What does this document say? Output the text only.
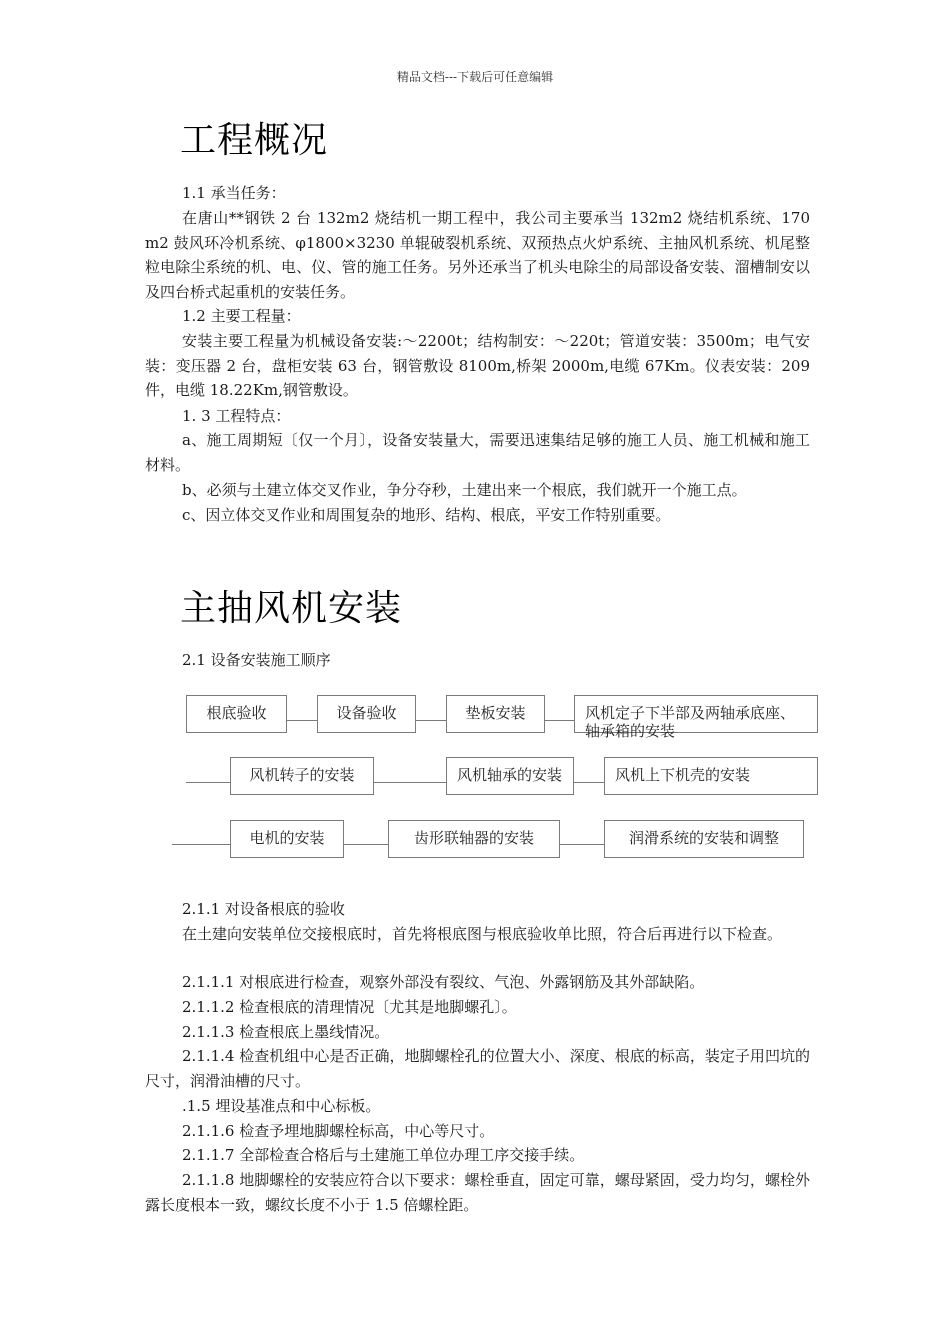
精品文档---下载后可任意编辑
工程概况
1.1 承当任务：
在唐山**钢铁 2 台 132m2 烧结机一期工程中，我公司主要承当 132m2 烧结机系统、170 m2 鼓风环冷机系统、φ1800×3230 单辊破裂机系统、双预热点火炉系统、主抽风机系统、机尾整粒电除尘系统的机、电、仪、管的施工任务。另外还承当了机头电除尘的局部设备安装、溜槽制安以及四台桥式起重机的安装任务。
1.2 主要工程量：
安装主要工程量为机械设备安装:～2200t；结构制安：～220t；管道安装：3500m；电气安装：变压器 2 台，盘柜安装 63 台，钢管敷设 8100m,桥架 2000m,电缆 67Km。仪表安装：209 件，电缆 18.22Km,钢管敷设。
1. 3 工程特点：
a、施工周期短〔仅一个月〕，设备安装量大，需要迅速集结足够的施工人员、施工机械和施工材料。
b、必须与土建立体交叉作业，争分夺秒，土建出来一个根底，我们就开一个施工点。
c、因立体交叉作业和周围复杂的地形、结构、根底，平安工作特别重要。
主抽风机安装
2.1 设备安装施工顺序
根底验收	设备验收	垫板安装	风机定子下半部及两轴承底座、轴承箱的安装
风机转子的安装	风机轴承的安装	风机上下机壳的安装
电机的安装	齿形联轴器的安装	润滑系统的安装和调整
2.1.1 对设备根底的验收
在土建向安装单位交接根底时，首先将根底图与根底验收单比照，符合后再进行以下检查。
2.1.1.1 对根底进行检查，观察外部没有裂纹、气泡、外露钢筋及其外部缺陷。
2.1.1.2 检查根底的清理情况〔尤其是地脚螺孔〕。
2.1.1.3 检查根底上墨线情况。
2.1.1.4 检查机组中心是否正确，地脚螺栓孔的位置大小、深度、根底的标高，装定子用凹坑的尺寸，润滑油槽的尺寸。
.1.5 埋设基准点和中心标板。
2.1.1.6 检查予埋地脚螺栓标高，中心等尺寸。
2.1.1.7 全部检查合格后与土建施工单位办理工序交接手续。
2.1.1.8 地脚螺栓的安装应符合以下要求：螺栓垂直，固定可靠，螺母紧固，受力均匀，螺栓外露长度根本一致，螺纹长度不小于 1.5 倍螺栓距。
